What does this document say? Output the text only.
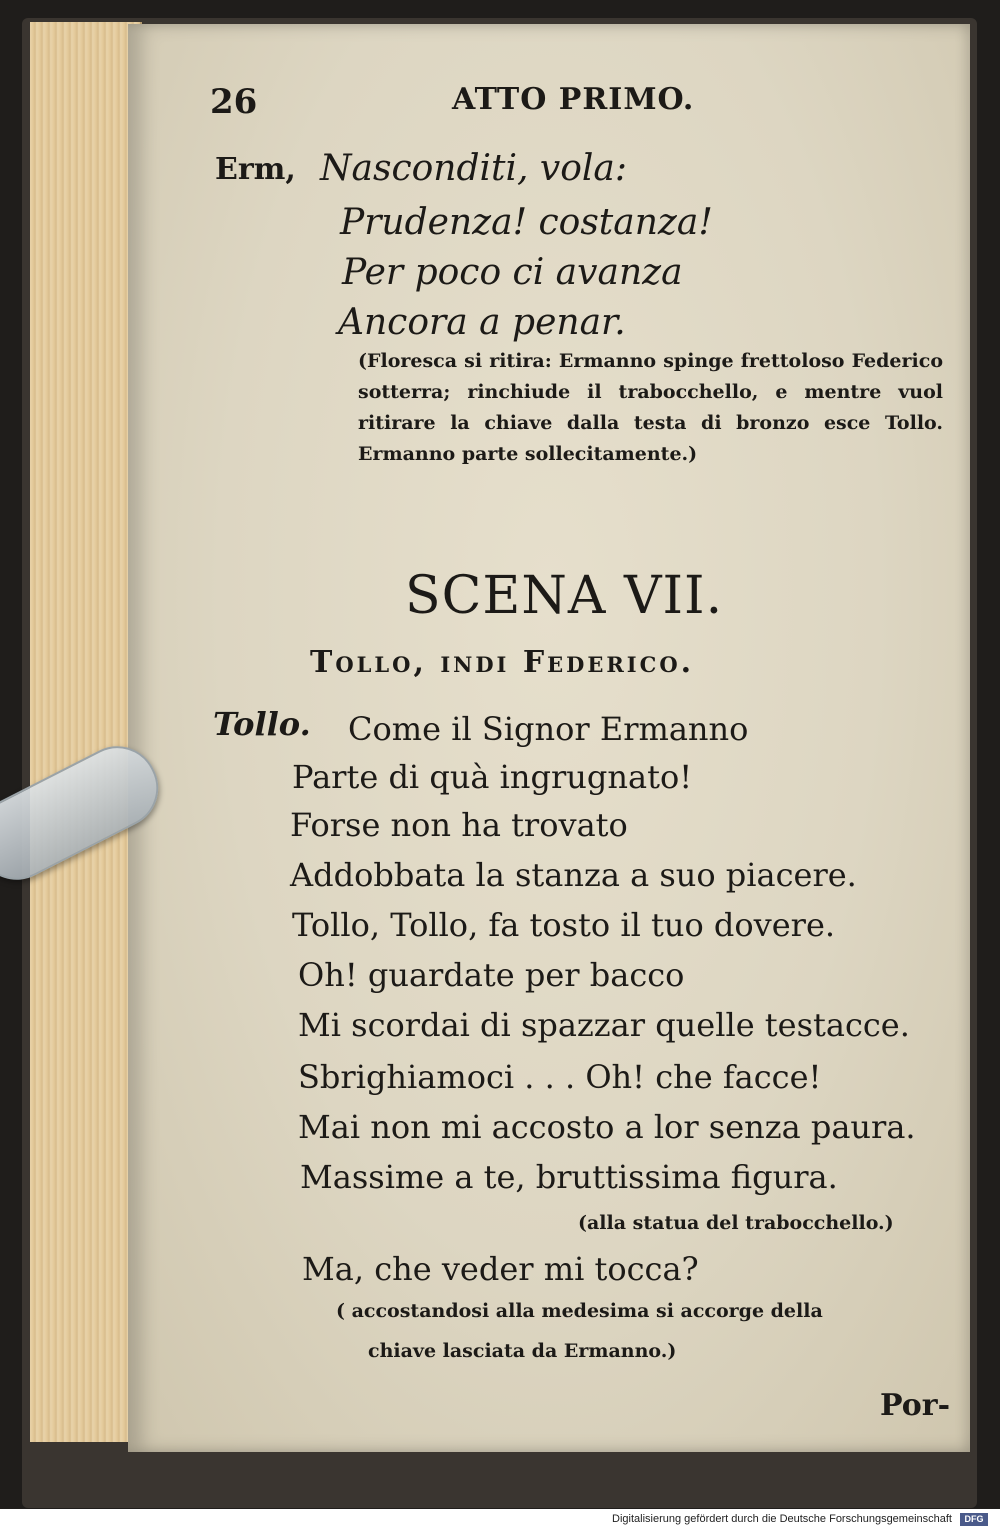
26	ATTO PRIMO.
Erm, Nasconditi, vola:
Prudenza! costanza!
Per poco ci avanza
Ancora a penar.
(Floresca si ritira: Ermanno spinge frettoloso Federico sotterra; rinchiude il trabocchello, e mentre vuol ritirare la chiave dalla testa di bronzo esce Tollo. Ermanno parte sollecitamente.)
SCENA VII.
Tollo, indi Federico.
Tollo. Come il Signor Ermanno
Parte di quà ingrugnato!
Forse non ha trovato
Addobbata la stanza a suo piacere.
Tollo, Tollo, fa tosto il tuo dovere.
Oh! guardate per bacco
Mi scordai di spazzar quelle testacce.
Sbrighiamoci . . . Oh! che facce!
Mai non mi accosto a lor senza paura.
Massime a te, bruttissima figura.
(alla statua del trabocchello.)
Ma, che veder mi tocca?
( accostandosi alla medesima si accorge della
chiave lasciata da Ermanno.)
Por-
Digitalisierung gefördert durch die Deutsche Forschungsgemeinschaft	DFG
